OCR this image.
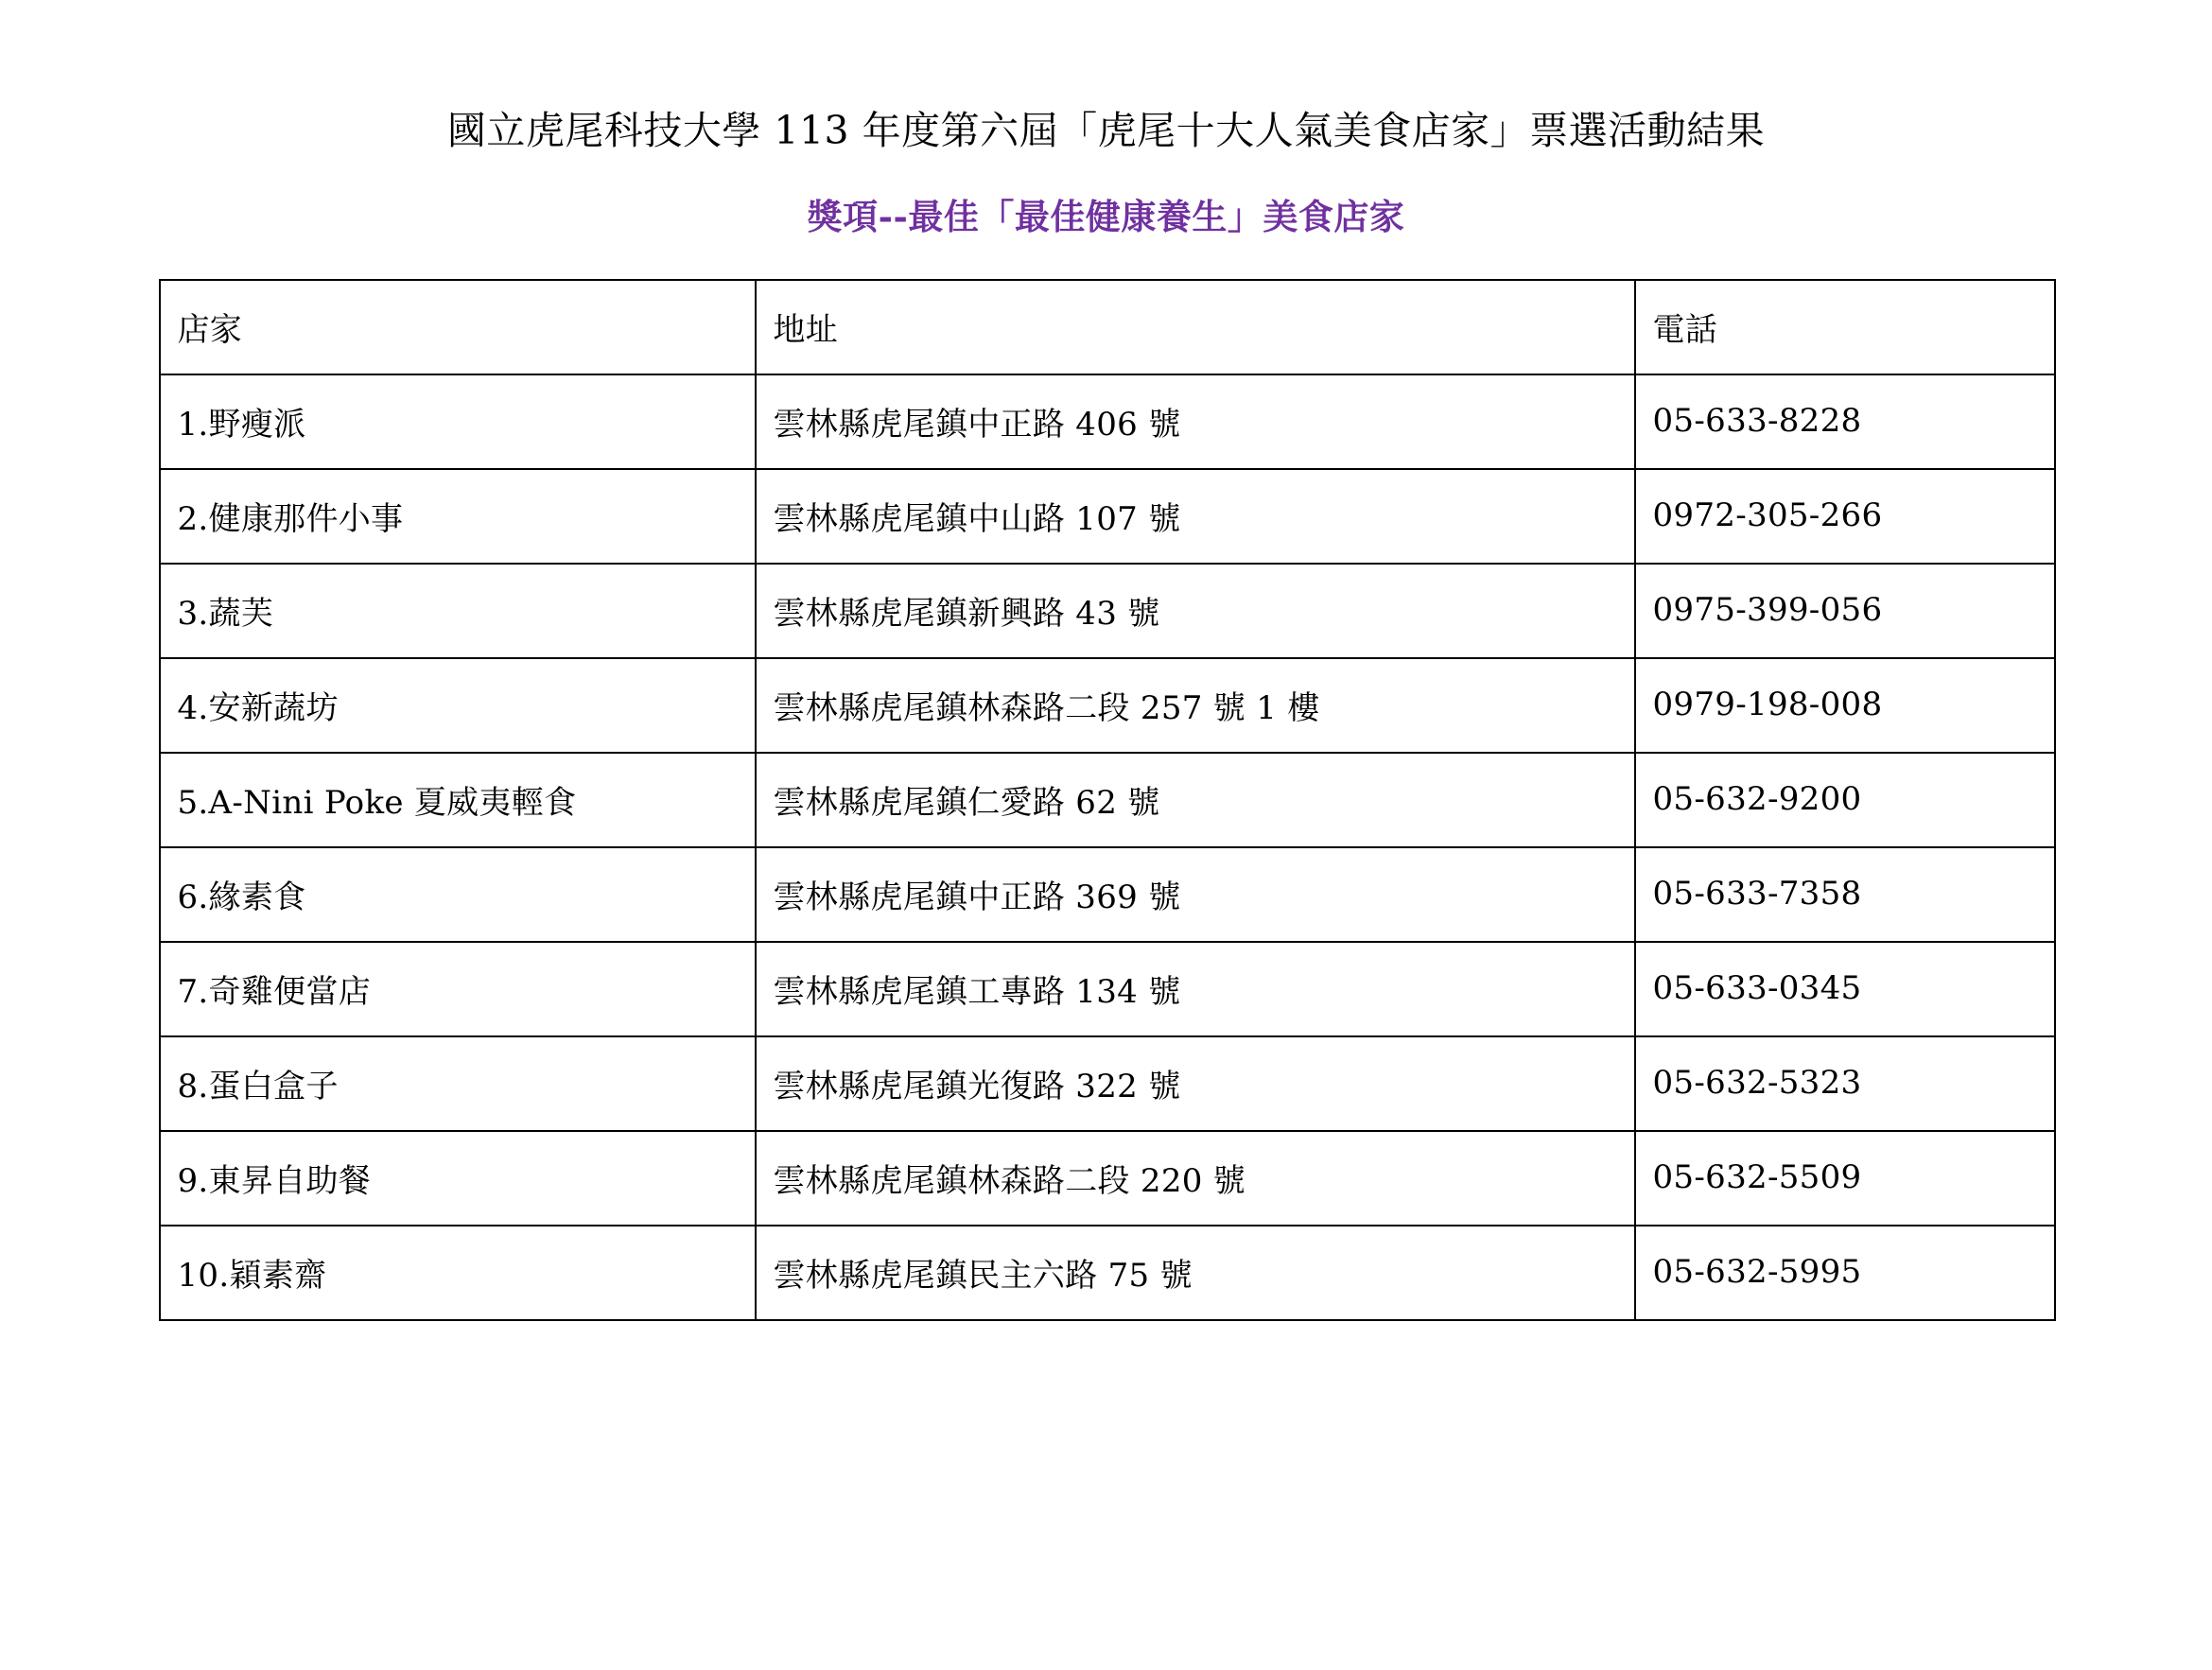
國立虎尾科技大學 113 年度第六屆「虎尾十大人氣美食店家」票選活動結果
獎項--最佳「最佳健康養生」美食店家
店家	地址	電話
1.野瘦派	雲林縣虎尾鎮中正路 406 號	05-633-8228
2.健康那件小事	雲林縣虎尾鎮中山路 107 號	0972-305-266
3.蔬芙	雲林縣虎尾鎮新興路 43 號	0975-399-056
4.安新蔬坊	雲林縣虎尾鎮林森路二段 257 號 1 樓	0979-198-008
5.A-Nini Poke 夏威夷輕食	雲林縣虎尾鎮仁愛路 62 號	05-632-9200
6.緣素食	雲林縣虎尾鎮中正路 369 號	05-633-7358
7.奇雞便當店	雲林縣虎尾鎮工專路 134 號	05-633-0345
8.蛋白盒子	雲林縣虎尾鎮光復路 322 號	05-632-5323
9.東昇自助餐	雲林縣虎尾鎮林森路二段 220 號	05-632-5509
10.穎素齋	雲林縣虎尾鎮民主六路 75 號	05-632-5995
